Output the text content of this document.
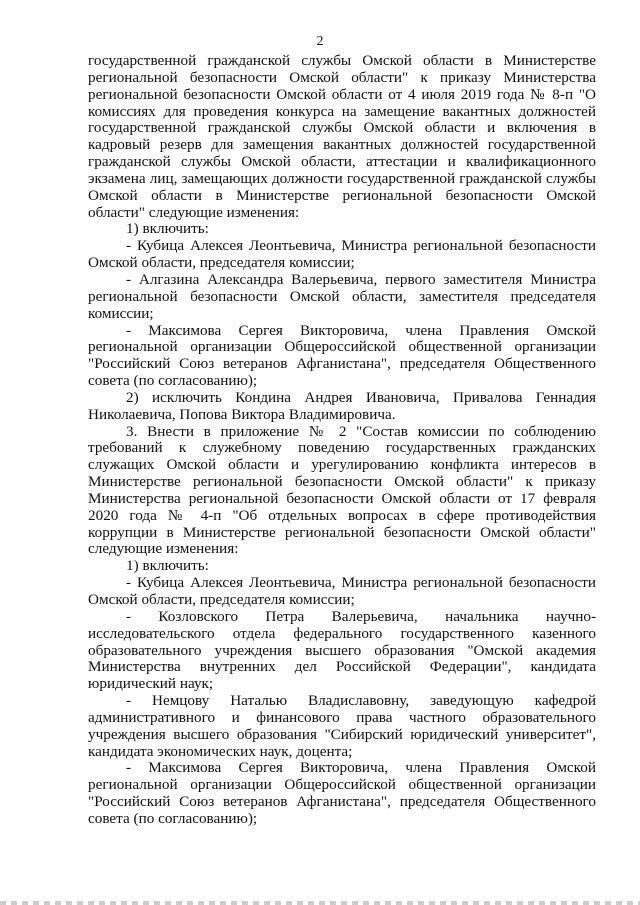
2

государственной гражданской службы Омской области в Министерстве региональной безопасности Омской области" к приказу Министерства региональной безопасности Омской области от 4 июля 2019 года № 8-п "О комиссиях для проведения конкурса на замещение вакантных должностей государственной гражданской службы Омской области и включения в кадровый резерв для замещения вакантных должностей государственной гражданской службы Омской области, аттестации и квалификационного экзамена лиц, замещающих должности государственной гражданской службы Омской области в Министерстве региональной безопасности Омской области" следующие изменения:

1) включить:

- Кубица Алексея Леонтьевича, Министра региональной безопасности Омской области, председателя комиссии;

- Алгазина Александра Валерьевича, первого заместителя Министра региональной безопасности Омской области, заместителя председателя комиссии;

- Максимова Сергея Викторовича, члена Правления Омской региональной организации Общероссийской общественной организации "Российский Союз ветеранов Афганистана", председателя Общественного совета (по согласованию);

2) исключить Кондина Андрея Ивановича, Привалова Геннадия Николаевича, Попова Виктора Владимировича.

3. Внести в приложение № 2 "Состав комиссии по соблюдению требований к служебному поведению государственных гражданских служащих Омской области и урегулированию конфликта интересов в Министерстве региональной безопасности Омской области" к приказу Министерства региональной безопасности Омской области от 17 февраля 2020 года № 4-п "Об отдельных вопросах в сфере противодействия коррупции в Министерстве региональной безопасности Омской области" следующие изменения:

1) включить:

- Кубица Алексея Леонтьевича, Министра региональной безопасности Омской области, председателя комиссии;

- Козловского Петра Валерьевича, начальника научно-исследовательского отдела федерального государственного казенного образовательного учреждения высшего образования "Омской академия Министерства внутренних дел Российской Федерации", кандидата юридический наук;

- Немцову Наталью Владиславовну, заведующую кафедрой административного и финансового права частного образовательного учреждения высшего образования "Сибирский юридический университет", кандидата экономических наук, доцента;

- Максимова Сергея Викторовича, члена Правления Омской региональной организации Общероссийской общественной организации "Российский Союз ветеранов Афганистана", председателя Общественного совета (по согласованию);
